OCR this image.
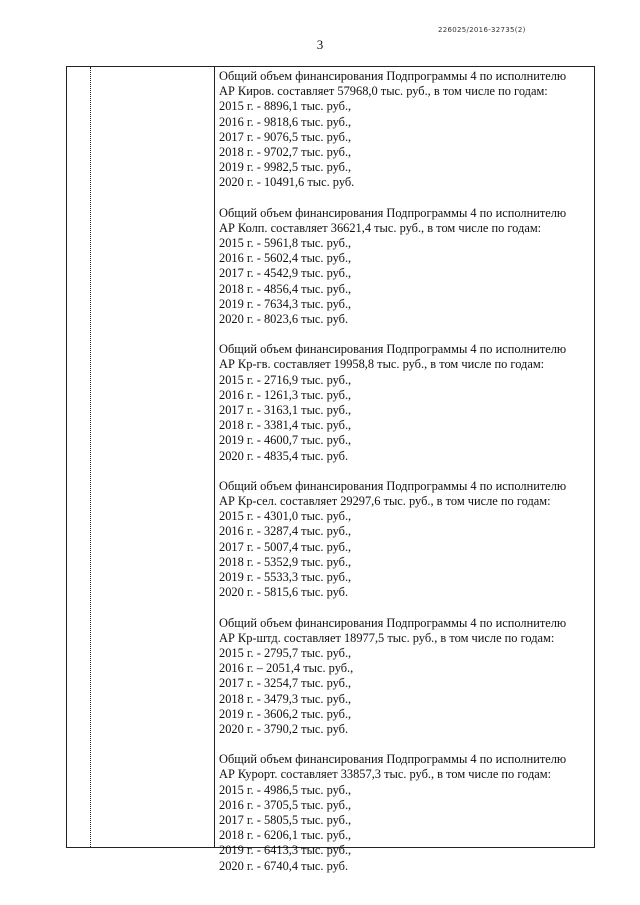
226025/2016-32735(2)
3
Общий объем финансирования Подпрограммы 4 по исполнителю
АР Киров. составляет 57968,0 тыс. руб., в том числе по годам:
2015 г. - 8896,1 тыс. руб.,
2016 г. - 9818,6 тыс. руб.,
2017 г. - 9076,5 тыс. руб.,
2018 г. - 9702,7 тыс. руб.,
2019 г. - 9982,5 тыс. руб.,
2020 г. - 10491,6 тыс. руб.
Общий объем финансирования Подпрограммы 4 по исполнителю
АР Колп. составляет 36621,4 тыс. руб., в том числе по годам:
2015 г. - 5961,8 тыс. руб.,
2016 г. - 5602,4 тыс. руб.,
2017 г. - 4542,9 тыс. руб.,
2018 г. - 4856,4 тыс. руб.,
2019 г. - 7634,3 тыс. руб.,
2020 г. - 8023,6 тыс. руб.
Общий объем финансирования Подпрограммы 4 по исполнителю
АР Кр-гв. составляет 19958,8 тыс. руб., в том числе по годам:
2015 г. - 2716,9 тыс. руб.,
2016 г. - 1261,3 тыс. руб.,
2017 г. - 3163,1 тыс. руб.,
2018 г. - 3381,4 тыс. руб.,
2019 г. - 4600,7 тыс. руб.,
2020 г. - 4835,4 тыс. руб.
Общий объем финансирования Подпрограммы 4 по исполнителю
АР Кр-сел. составляет 29297,6 тыс. руб., в том числе по годам:
2015 г. - 4301,0 тыс. руб.,
2016 г. - 3287,4 тыс. руб.,
2017 г. - 5007,4 тыс. руб.,
2018 г. - 5352,9 тыс. руб.,
2019 г. - 5533,3 тыс. руб.,
2020 г. - 5815,6 тыс. руб.
Общий объем финансирования Подпрограммы 4 по исполнителю
АР Кр-штд. составляет 18977,5 тыс. руб., в том числе по годам:
2015 г. - 2795,7 тыс. руб.,
2016 г. – 2051,4 тыс. руб.,
2017 г. - 3254,7 тыс. руб.,
2018 г. - 3479,3 тыс. руб.,
2019 г. - 3606,2 тыс. руб.,
2020 г. - 3790,2 тыс. руб.
Общий объем финансирования Подпрограммы 4 по исполнителю
АР Курорт. составляет 33857,3 тыс. руб., в том числе по годам:
2015 г. - 4986,5 тыс. руб.,
2016 г. - 3705,5 тыс. руб.,
2017 г. - 5805,5 тыс. руб.,
2018 г. - 6206,1 тыс. руб.,
2019 г. - 6413,3 тыс. руб.,
2020 г. - 6740,4 тыс. руб.
